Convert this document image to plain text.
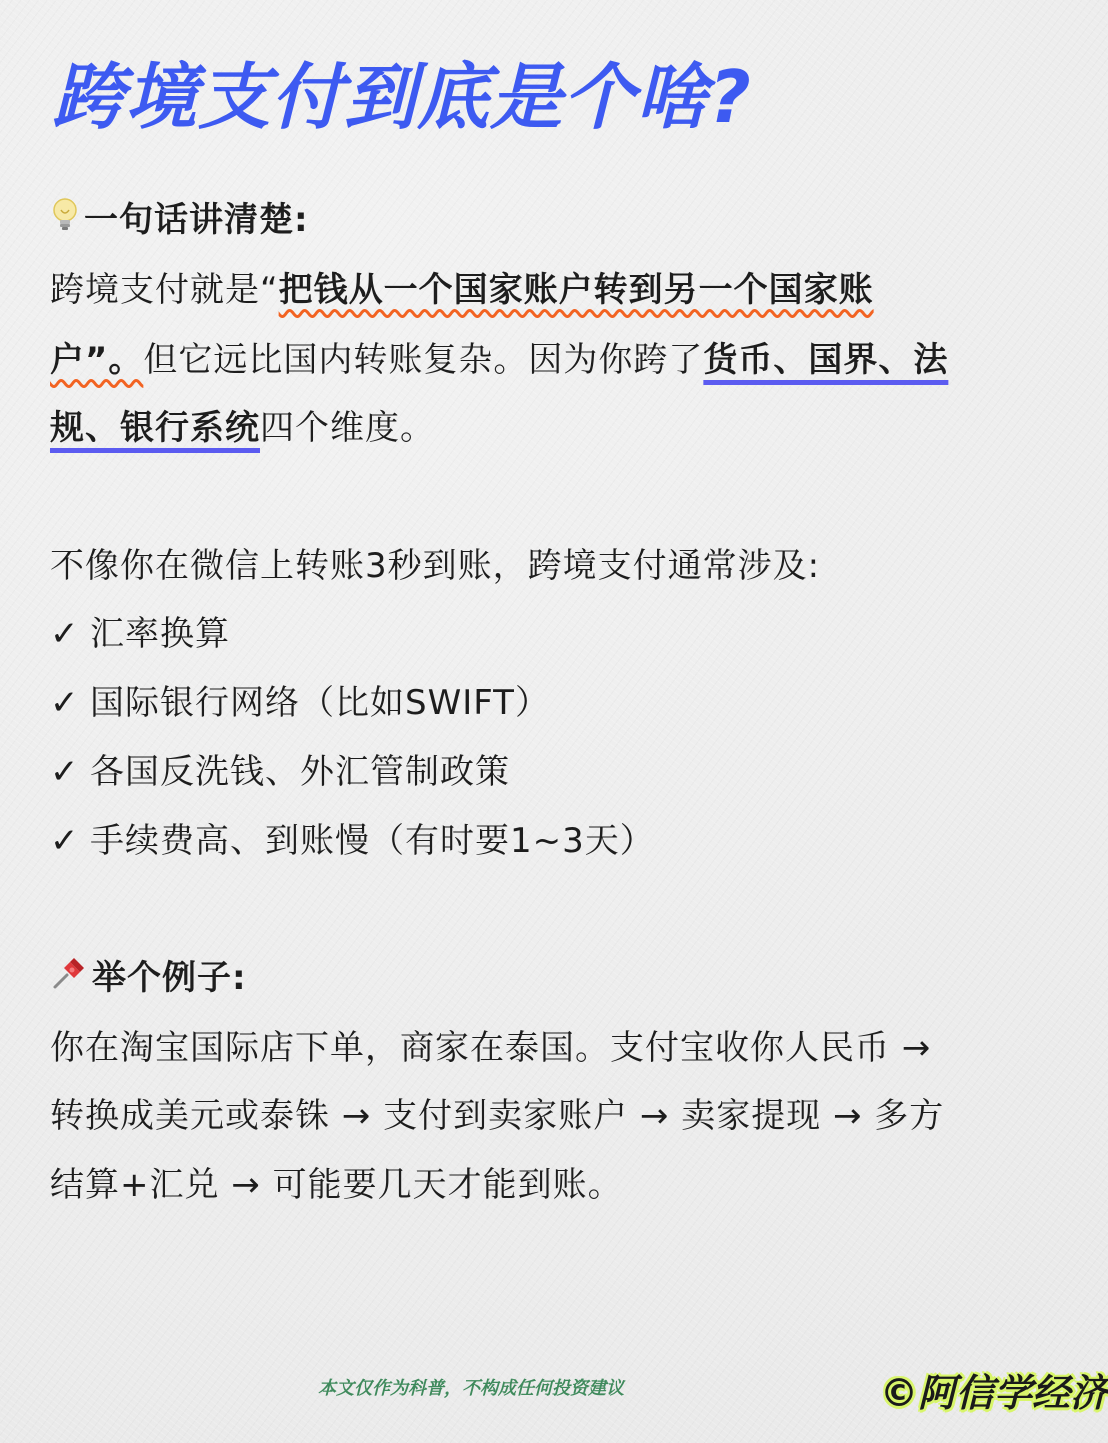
跨境支付到底是个啥?
一句话讲清楚:
跨境支付就是“把钱从一个国家账户转到另一个国家账
户”。但它远比国内转账复杂。因为你跨了货币、国界、法
规、银行系统四个维度。
不像你在微信上转账3秒到账，跨境支付通常涉及:
✓ 汇率换算
✓ 国际银行网络（比如SWIFT）
✓ 各国反洗钱、外汇管制政策
✓ 手续费高、到账慢（有时要1~3天）
举个例子:
你在淘宝国际店下单，商家在泰国。支付宝收你人民币 →
转换成美元或泰铢 → 支付到卖家账户 → 卖家提现 → 多方
结算+汇兑 → 可能要几天才能到账。
本文仅作为科普，不构成任何投资建议	©阿信学经济
